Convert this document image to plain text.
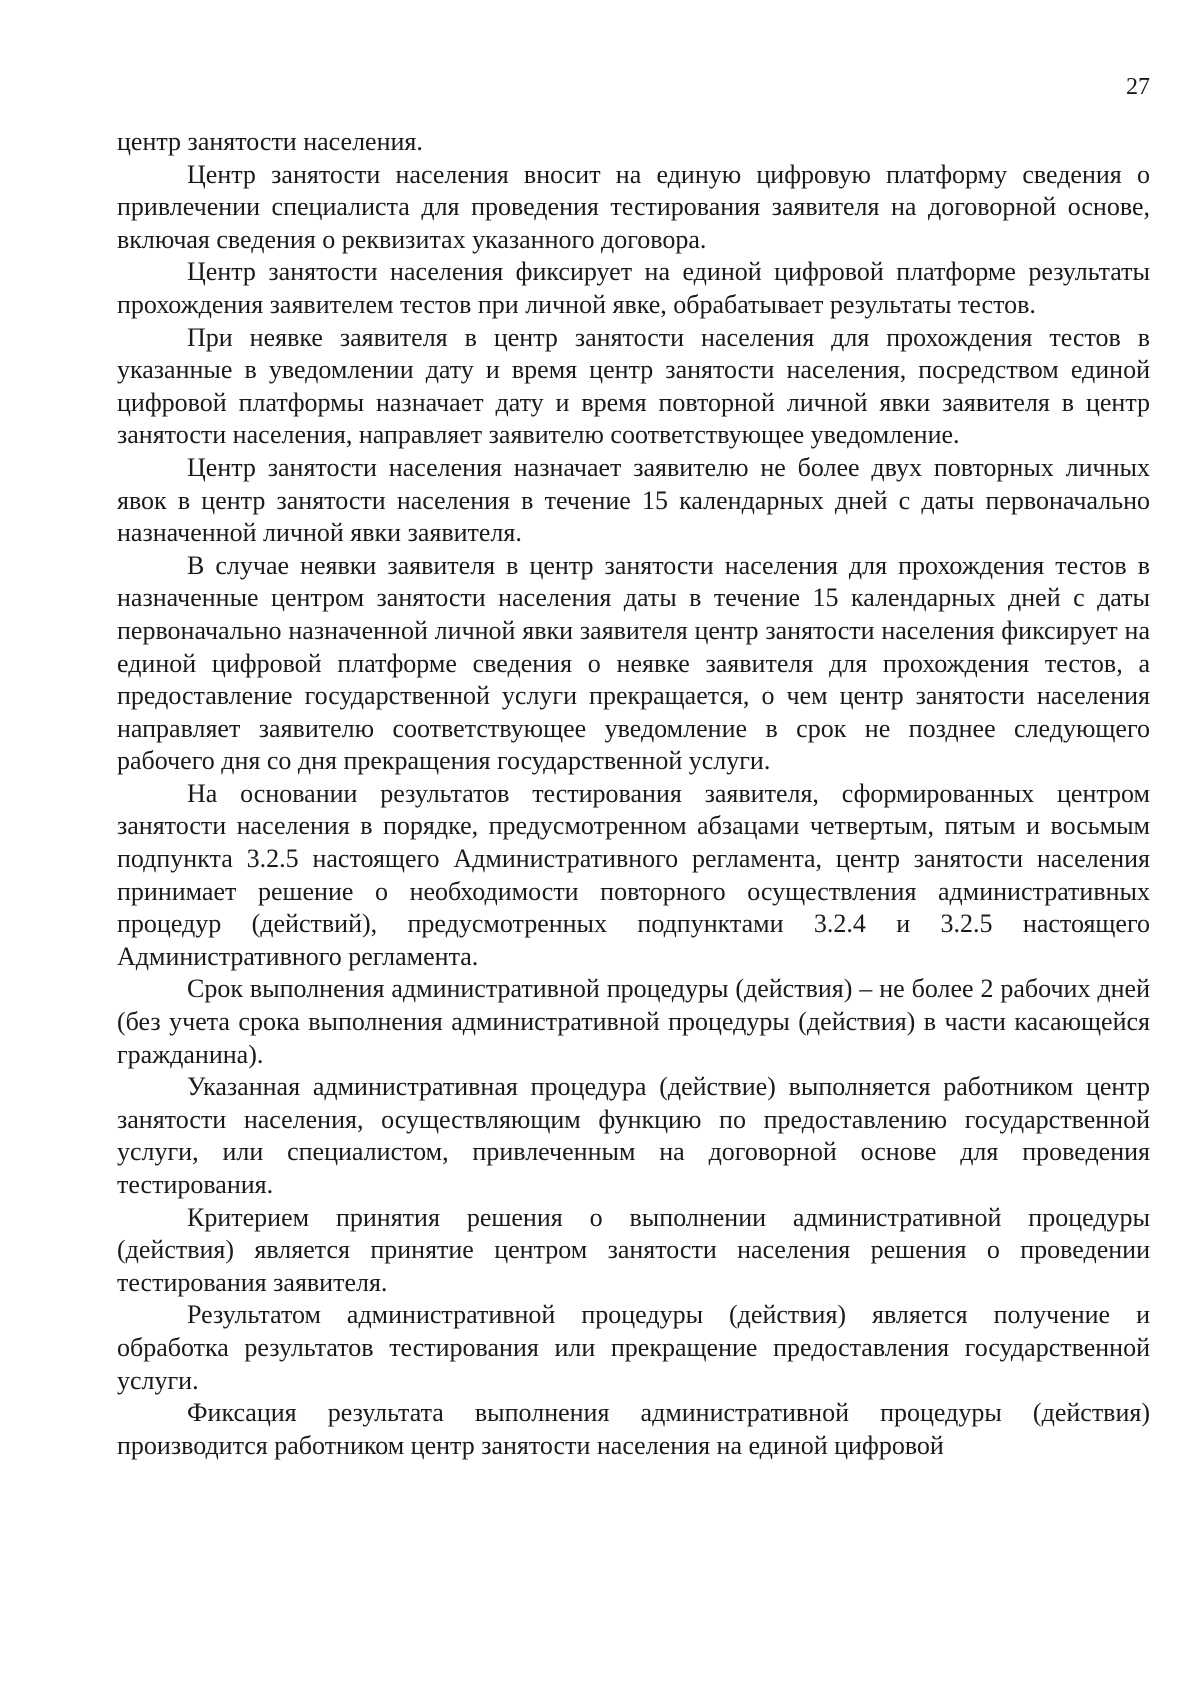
27

центр занятости населения.

Центр занятости населения вносит на единую цифровую платформу сведения о привлечении специалиста для проведения тестирования заявителя на договорной основе, включая сведения о реквизитах указанного договора.

Центр занятости населения фиксирует на единой цифровой платформе результаты прохождения заявителем тестов при личной явке, обрабатывает результаты тестов.

При неявке заявителя в центр занятости населения для прохождения тестов в указанные в уведомлении дату и время центр занятости населения, посредством единой цифровой платформы назначает дату и время повторной личной явки заявителя в центр занятости населения, направляет заявителю соответствующее уведомление.

Центр занятости населения назначает заявителю не более двух повторных личных явок в центр занятости населения в течение 15 календарных дней с даты первоначально назначенной личной явки заявителя.

В случае неявки заявителя в центр занятости населения для прохождения тестов в назначенные центром занятости населения даты в течение 15 календарных дней с даты первоначально назначенной личной явки заявителя центр занятости населения фиксирует на единой цифровой платформе сведения о неявке заявителя для прохождения тестов, а предоставление государственной услуги прекращается, о чем центр занятости населения направляет заявителю соответствующее уведомление в срок не позднее следующего рабочего дня со дня прекращения государственной услуги.

На основании результатов тестирования заявителя, сформированных центром занятости населения в порядке, предусмотренном абзацами четвертым, пятым и восьмым подпункта 3.2.5 настоящего Административного регламента, центр занятости населения принимает решение о необходимости повторного осуществления административных процедур (действий), предусмотренных подпунктами 3.2.4 и 3.2.5 настоящего Административного регламента.

Срок выполнения административной процедуры (действия) – не более 2 рабочих дней (без учета срока выполнения административной процедуры (действия) в части касающейся гражданина).

Указанная административная процедура (действие) выполняется работником центр занятости населения, осуществляющим функцию по предоставлению государственной услуги, или специалистом, привлеченным на договорной основе для проведения тестирования.

Критерием принятия решения о выполнении административной процедуры (действия) является принятие центром занятости населения решения о проведении тестирования заявителя.

Результатом административной процедуры (действия) является получение и обработка результатов тестирования или прекращение предоставления государственной услуги.

Фиксация результата выполнения административной процедуры (действия) производится работником центр занятости населения на единой цифровой
